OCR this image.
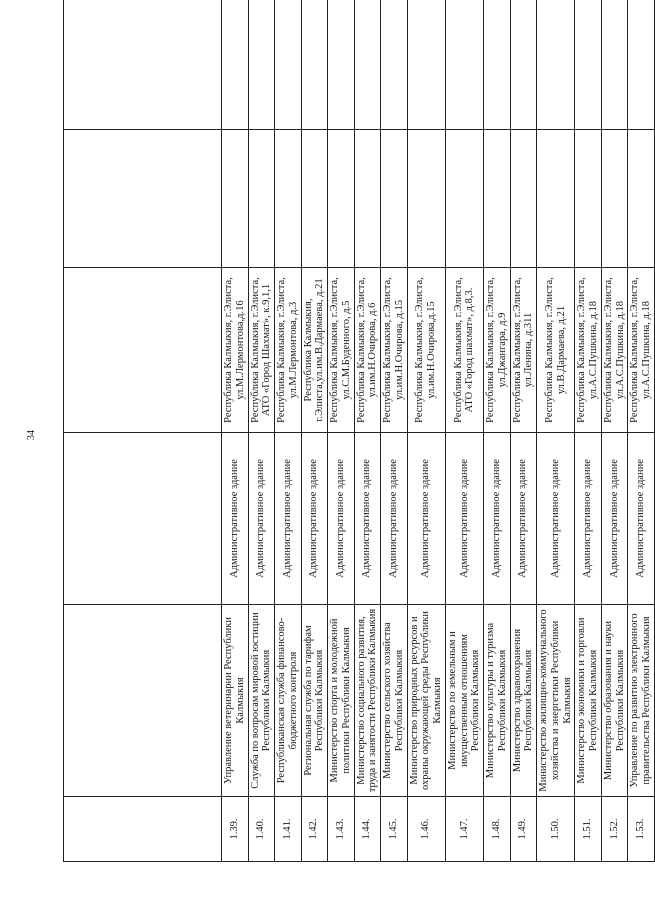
34

1.39.	Управление ветеринарии Республики Калмыкия	Административное здание	Республика Калмыкия, г.Элиста, ул.М.Лермонтова,д.16		
1.40.	Служба по вопросам мировой юстиции Республики Калмыкия	Административное здание	Республика Калмыкия, г.Элиста, АТО «Город Шахмат», к.9,1,1		
1.41.	Республиканская служба финансово-бюджетного контроля	Административное здание	Республика Калмыкия, г.Элиста, ул.М.Лермонтова, д.3		
1.42.	Региональная служба по тарифам Республики Калмыкия	Административное здание	Республика Калмыкия, г.Элиста,ул.им.В.Дармаева, д.21		
1.43.	Министерство спорта и молодежной политики Республики Калмыкия	Административное здание	Республика Калмыкия, г.Элиста, ул.С.М.Буденного, д.5		
1.44.	Министерство социального развития, труда и занятости Республики Калмыкия	Административное здание	Республика Калмыкия, г.Элиста, ул.им.Н.Очирова, д.6		
1.45.	Министерство сельского хозяйства Республики Калмыкия	Административное здание	Республика Калмыкия, г.Элиста, ул.им.Н.Очирова, д.15		
1.46.	Министерство природных ресурсов и охраны окружающей среды Республики Калмыкия	Административное здание	Республика Калмыкия, г.Элиста, ул.им.Н.Очирова,д.15		
1.47.	Министерство по земельным и имущественным отношениям Республики Калмыкия	Административное здание	Республика Калмыкия, г.Элиста, АТО «Город шахмат», д.8,3.		
1.48.	Министерство культуры и туризма Республики Калмыкия	Административное здание	Республика Калмыкия, г.Элиста, ул.Джангара, д.9		
1.49.	Министерство здравоохранения Республики Калмыкия	Административное здание	Республика Калмыкия, г.Элиста, ул.Ленина, д.311		
1.50.	Министерство жилищно-коммунального хозяйства и энергетики Республики Калмыкия	Административное здание	Республика Калмыкия, г.Элиста, ул.В.Дармаева, д.21		
1.51.	Министерство экономики и торговли Республики Калмыкия	Административное здание	Республика Калмыкия, г.Элиста, ул.А.С.Пушкина, д.18		
1.52.	Министерство образования и науки Республики Калмыкия	Административное здание	Республика Калмыкия, г.Элиста, ул.А.С.Пушкина, д.18		
1.53.	Управление по развитию электронного правительства Республики Калмыкия	Административное здание	Республика Калмыкия, г.Элиста, ул.А.С.Пушкина, д.18		
